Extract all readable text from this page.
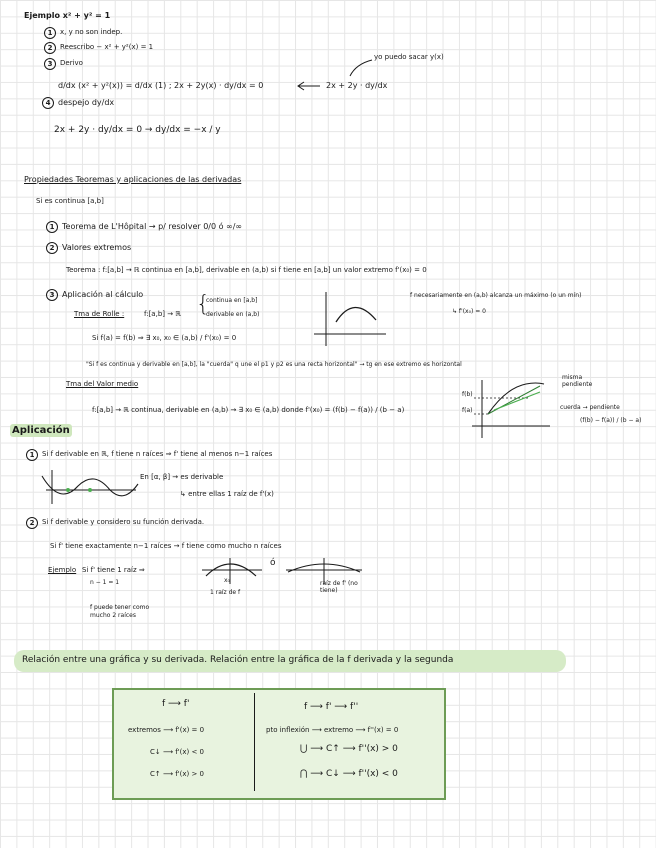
Ejemplo x² + y² = 1
1	x, y no son indep.
2	Reescribo − x² + y²(x) = 1
3	Derivo
yo puedo sacar y(x)
d/dx (x² + y²(x)) = d/dx (1) ; 2x + 2y(x) · dy/dx = 0	2x + 2y · dy/dx
4 despejo dy/dx
2x + 2y · dy/dx = 0 → dy/dx = −x / y
Propiedades Teoremas y aplicaciones de las derivadas
Si es continua [a,b]
1 Teorema de L'Hôpital → p/ resolver 0/0 ó ∞/∞
2 Valores extremos
Teorema : f:[a,b] → ℝ continua en [a,b], derivable en (a,b) si f tiene en [a,b] un valor extremo f'(x₀) = 0
3 Aplicación al cálculo
Tma de Rolle :	f:[a,b] → ℝ {
continua en [a,b]
derivable en (a,b)
f necesariamente en (a,b) alcanza un máximo (o un mín)
↳ f'(x₀) = 0
Si f(a) = f(b) ⇒ ∃ x₀, x₀ ∈ (a,b) / f'(x₀) = 0
"Si f es continua y derivable en [a,b], la "cuerda" q une el p1 y p2 es una recta horizontal" → tg en ese extremo es horizontal
Tma del Valor medio
f:[a,b] → ℝ continua, derivable en (a,b) → ∃ x₀ ∈ (a,b) donde f'(x₀) = (f(b) − f(a)) / (b − a)
f(b)
f(a)
misma pendiente
cuerda → pendiente
(f(b) − f(a)) / (b − a)
Aplicación
1	Si f derivable en ℝ, f tiene n raíces ⇒ f' tiene al menos n−1 raíces
En [α, β] → es derivable
↳ entre ellas 1 raíz de f'(x)
2	Si f derivable y considero su función derivada.
Si f' tiene exactamente n−1 raíces → f tiene como mucho n raíces
Ejemplo Si f' tiene 1 raíz ⇒
x₀
1 raíz de f
ó
raíz de f' (no tiene)
n − 1 = 1
f puede tener como mucho 2 raíces
Relación entre una gráfica y su derivada. Relación entre la gráfica de la f derivada y la segunda
f ⟶ f'
extremos ⟶ f'(x) = 0
C↓ ⟶ f'(x) < 0
C↑ ⟶ f'(x) > 0
f ⟶ f' ⟶ f''
pto inflexión ⟶ extremo ⟶ f''(x) = 0
⋃ ⟶ C↑ ⟶ f''(x) > 0
⋂ ⟶ C↓ ⟶ f''(x) < 0
